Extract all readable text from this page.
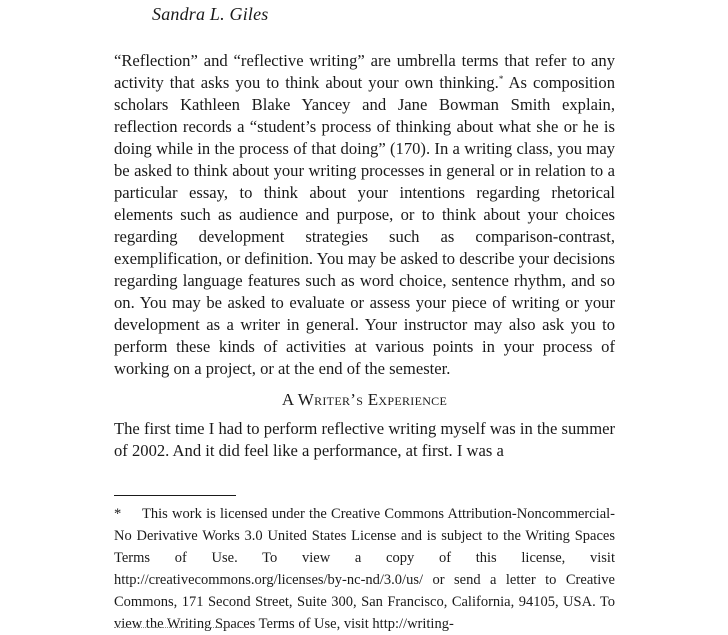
Sandra L. Giles

“Reflection” and “reflective writing” are umbrella terms that refer to any activity that asks you to think about your own thinking.* As composition scholars Kathleen Blake Yancey and Jane Bowman Smith explain, reflection records a “student’s process of thinking about what she or he is doing while in the process of that doing” (170). In a writing class, you may be asked to think about your writing processes in general or in relation to a particular essay, to think about your intentions regarding rhetorical elements such as audience and purpose, or to think about your choices regarding development strategies such as comparison-contrast, exemplification, or definition. You may be asked to describe your decisions regarding language features such as word choice, sentence rhythm, and so on. You may be asked to evaluate or assess your piece of writing or your development as a writer in general. Your instructor may also ask you to perform these kinds of activities at various points in your process of working on a project, or at the end of the semester.

A Writer’s Experience

The first time I had to perform reflective writing myself was in the summer of 2002. And it did feel like a performance, at first. I was a

* This work is licensed under the Creative Commons Attribution-Noncommercial-No Derivative Works 3.0 United States License and is subject to the Writing Spaces Terms of Use. To view a copy of this license, visit http://creativecommons.org/licenses/by-nc-nd/3.0/us/ or send a letter to Creative Commons, 171 Second Street, Suite 300, San Francisco, California, 94105, USA. To view the Writing Spaces Terms of Use, visit http://writing-
